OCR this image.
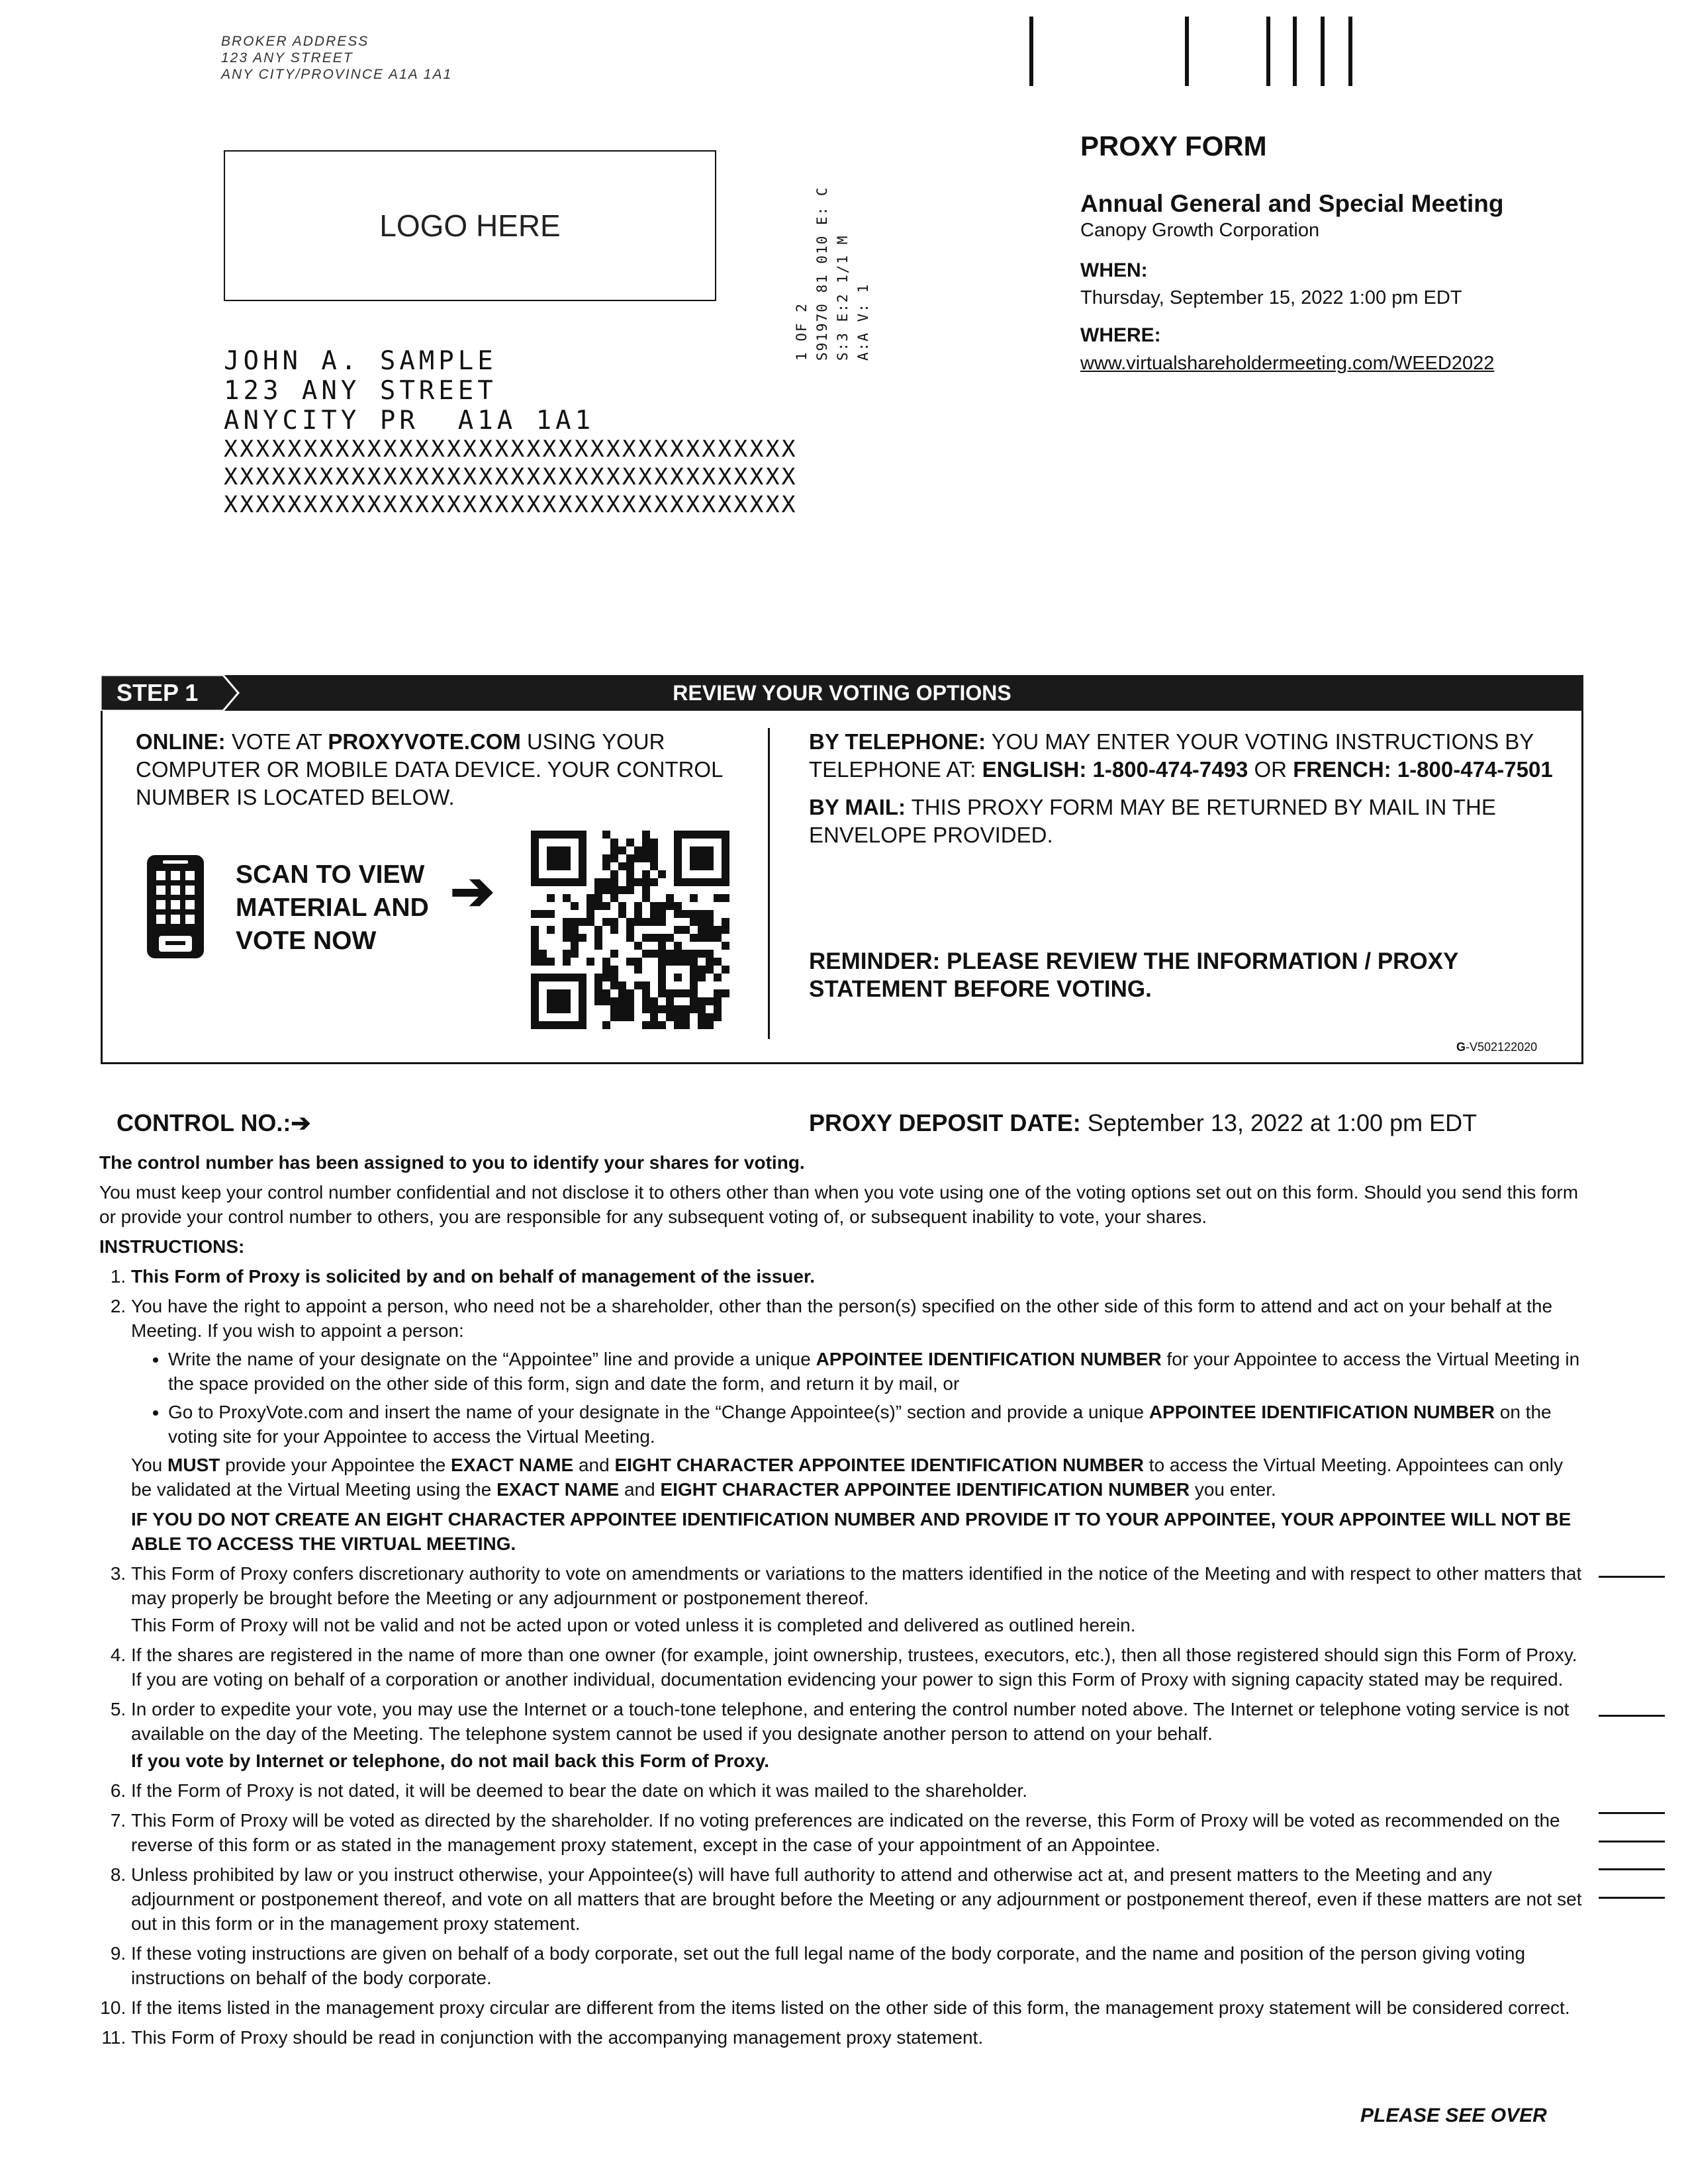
BROKER ADDRESS
123 ANY STREET
ANY CITY/PROVINCE A1A 1A1
LOGO HERE
1 OF 2 S91970 81 010 E: C S:3 E:2 1/1 M A:A V: 1
JOHN A. SAMPLE
123 ANY STREET
ANYCITY PR  A1A 1A1
XXXXXXXXXXXXXXXXXXXXXXXXXXXXXXXXXXXX
XXXXXXXXXXXXXXXXXXXXXXXXXXXXXXXXXXXX
XXXXXXXXXXXXXXXXXXXXXXXXXXXXXXXXXXXX
PROXY FORM
Annual General and Special Meeting
Canopy Growth Corporation
WHEN:
Thursday, September 15, 2022 1:00 pm EDT
WHERE:
www.virtualshareholdermeeting.com/WEED2022
STEP 1	REVIEW YOUR VOTING OPTIONS
ONLINE: VOTE AT PROXYVOTE.COM USING YOUR COMPUTER OR MOBILE DATA DEVICE. YOUR CONTROL NUMBER IS LOCATED BELOW.
SCAN TO VIEW
MATERIAL AND
VOTE NOW
➔
BY TELEPHONE: YOU MAY ENTER YOUR VOTING INSTRUCTIONS BY TELEPHONE AT: ENGLISH: 1-800-474-7493 OR FRENCH: 1-800-474-7501
BY MAIL: THIS PROXY FORM MAY BE RETURNED BY MAIL IN THE ENVELOPE PROVIDED.
REMINDER: PLEASE REVIEW THE INFORMATION / PROXY STATEMENT BEFORE VOTING.
G-V502122020
CONTROL NO.:➔	PROXY DEPOSIT DATE: September 13, 2022 at 1:00 pm EDT

The control number has been assigned to you to identify your shares for voting.

You must keep your control number confidential and not disclose it to others other than when you vote using one of the voting options set out on this form. Should you send this form or provide your control number to others, you are responsible for any subsequent voting of, or subsequent inability to vote, your shares.

INSTRUCTIONS:

1. This Form of Proxy is solicited by and on behalf of management of the issuer.
2. You have the right to appoint a person, who need not be a shareholder, other than the person(s) specified on the other side of this form to attend and act on your behalf at the Meeting. If you wish to appoint a person:
• Write the name of your designate on the “Appointee” line and provide a unique APPOINTEE IDENTIFICATION NUMBER for your Appointee to access the Virtual Meeting in the space provided on the other side of this form, sign and date the form, and return it by mail, or
• Go to ProxyVote.com and insert the name of your designate in the “Change Appointee(s)” section and provide a unique APPOINTEE IDENTIFICATION NUMBER on the voting site for your Appointee to access the Virtual Meeting.
You MUST provide your Appointee the EXACT NAME and EIGHT CHARACTER APPOINTEE IDENTIFICATION NUMBER to access the Virtual Meeting. Appointees can only be validated at the Virtual Meeting using the EXACT NAME and EIGHT CHARACTER APPOINTEE IDENTIFICATION NUMBER you enter.
IF YOU DO NOT CREATE AN EIGHT CHARACTER APPOINTEE IDENTIFICATION NUMBER AND PROVIDE IT TO YOUR APPOINTEE, YOUR APPOINTEE WILL NOT BE ABLE TO ACCESS THE VIRTUAL MEETING.
3. This Form of Proxy confers discretionary authority to vote on amendments or variations to the matters identified in the notice of the Meeting and with respect to other matters that may properly be brought before the Meeting or any adjournment or postponement thereof.
This Form of Proxy will not be valid and not be acted upon or voted unless it is completed and delivered as outlined herein.
4. If the shares are registered in the name of more than one owner (for example, joint ownership, trustees, executors, etc.), then all those registered should sign this Form of Proxy. If you are voting on behalf of a corporation or another individual, documentation evidencing your power to sign this Form of Proxy with signing capacity stated may be required.
5. In order to expedite your vote, you may use the Internet or a touch-tone telephone, and entering the control number noted above. The Internet or telephone voting service is not available on the day of the Meeting. The telephone system cannot be used if you designate another person to attend on your behalf.
If you vote by Internet or telephone, do not mail back this Form of Proxy.
6. If the Form of Proxy is not dated, it will be deemed to bear the date on which it was mailed to the shareholder.
7. This Form of Proxy will be voted as directed by the shareholder. If no voting preferences are indicated on the reverse, this Form of Proxy will be voted as recommended on the reverse of this form or as stated in the management proxy statement, except in the case of your appointment of an Appointee.
8. Unless prohibited by law or you instruct otherwise, your Appointee(s) will have full authority to attend and otherwise act at, and present matters to the Meeting and any adjournment or postponement thereof, and vote on all matters that are brought before the Meeting or any adjournment or postponement thereof, even if these matters are not set out in this form or in the management proxy statement.
9. If these voting instructions are given on behalf of a body corporate, set out the full legal name of the body corporate, and the name and position of the person giving voting instructions on behalf of the body corporate.
10. If the items listed in the management proxy circular are different from the items listed on the other side of this form, the management proxy statement will be considered correct.
11. This Form of Proxy should be read in conjunction with the accompanying management proxy statement.
PLEASE SEE OVER
